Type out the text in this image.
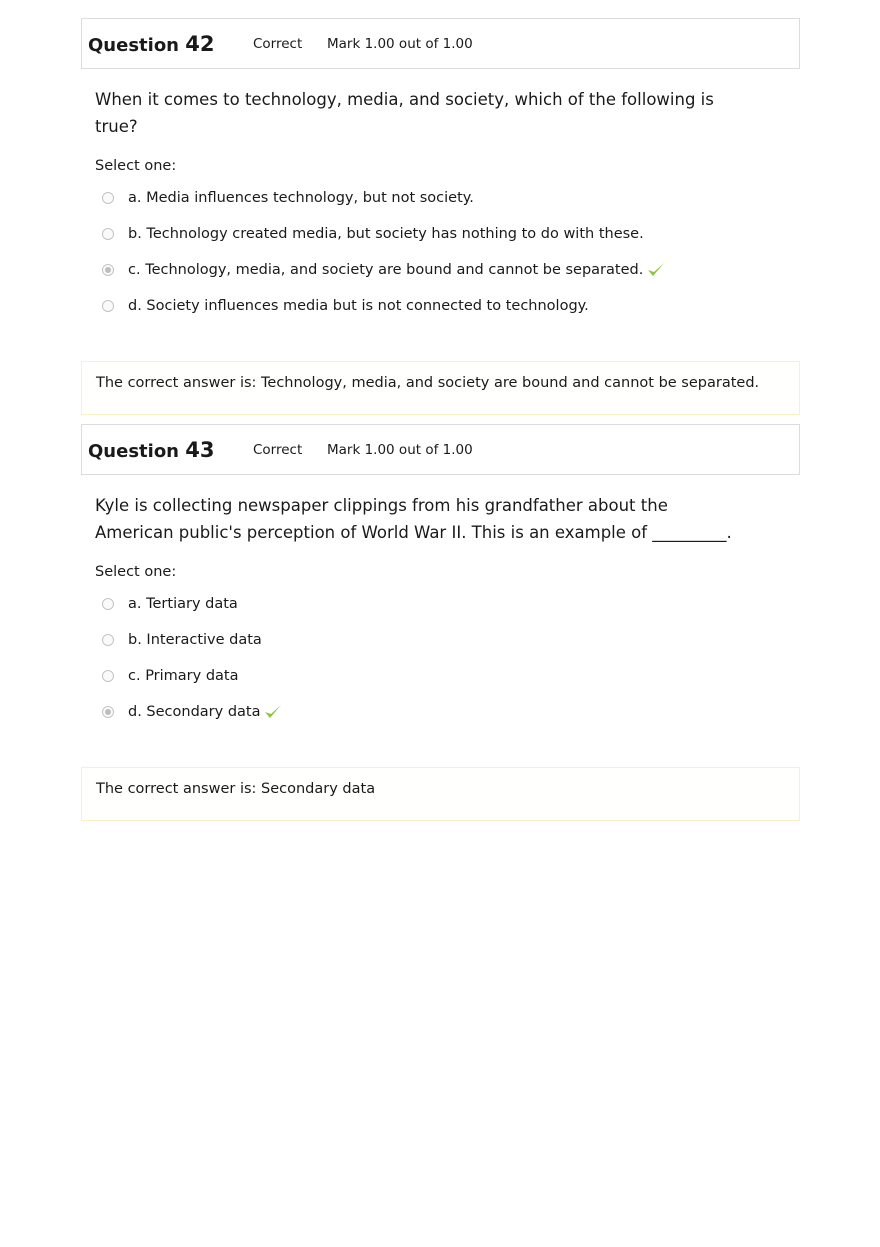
Question 42	Correct	Mark 1.00 out of 1.00
When it comes to technology, media, and society, which of the following is true?
Select one:
a. Media influences technology, but not society.
b. Technology created media, but society has nothing to do with these.
c. Technology, media, and society are bound and cannot be separated.
d. Society influences media but is not connected to technology.
The correct answer is: Technology, media, and society are bound and cannot be separated.
Question 43	Correct	Mark 1.00 out of 1.00
Kyle is collecting newspaper clippings from his grandfather about the American public's perception of World War II. This is an example of _________.
Select one:
a. Tertiary data
b. Interactive data
c. Primary data
d. Secondary data
The correct answer is: Secondary data
